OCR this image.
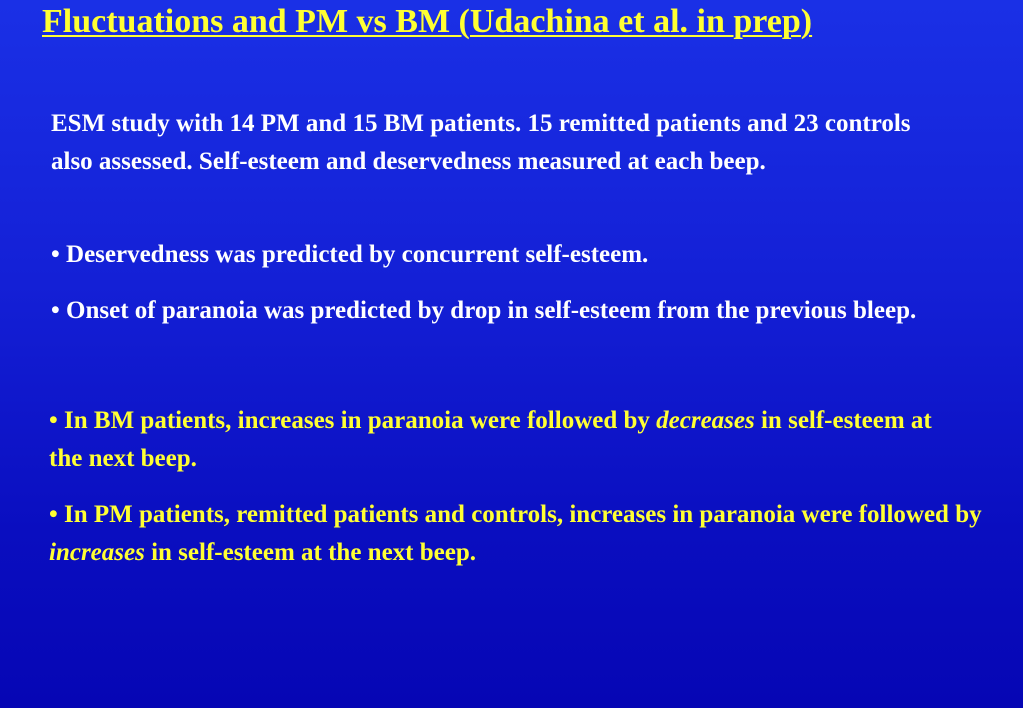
Fluctuations and PM vs BM (Udachina et al. in prep)

ESM study with 14 PM and 15 BM patients. 15 remitted patients and 23 controls also assessed. Self-esteem and deservedness measured at each beep.

• Deservedness was predicted by concurrent self-esteem.

• Onset of paranoia was predicted by drop in self-esteem from the previous bleep.

• In BM patients, increases in paranoia were followed by decreases in self-esteem at the next beep.

• In PM patients, remitted patients and controls, increases in paranoia were followed by increases in self-esteem at the next beep.
